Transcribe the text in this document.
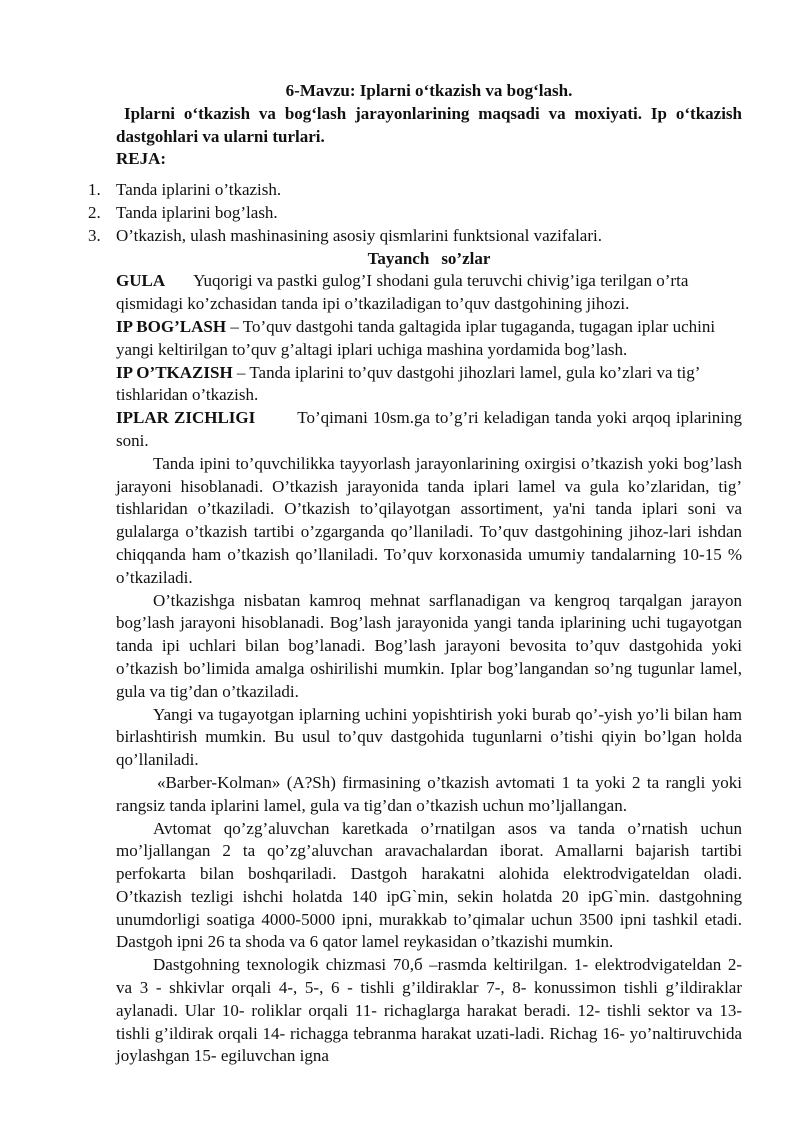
6-Mavzu: Iplarni o‘tkazish va bog‘lash.

Iplarni o‘tkazish va bog‘lash jarayonlarining maqsadi va moxiyati. Ip o‘tkazish dastgohlari va ularni turlari.

REJA:

1. Tanda iplarini o’tkazish.
2. Tanda iplarini bog’lash.
3. O’tkazish, ulash mashinasining asosiy qismlarini funktsional vazifalari.

Tayanch so’zlar

GULA Yuqorigi va pastki gulog’I shodani gula teruvchi chivig’iga terilgan o’rta qismidagi ko’zchasidan tanda ipi o’tkaziladigan to’quv dastgohining jihozi.

IP BOG’LASH – To’quv dastgohi tanda galtagida iplar tugaganda, tugagan iplar uchini yangi keltirilgan to’quv g’altagi iplari uchiga mashina yordamida bog’lash.

IP O’TKAZISH – Tanda iplarini to’quv dastgohi jihozlari lamel, gula ko’zlari va tig’ tishlaridan o’tkazish.

IPLAR ZICHLIGI To’qimani 10sm.ga to’g’ri keladigan tanda yoki arqoq iplarining soni.

Tanda ipini to’quvchilikka tayyorlash jarayonlarining oxirgisi o’tkazish yoki bog’lash jarayoni hisoblanadi. O’tkazish jarayonida tanda iplari lamel va gula ko’zlaridan, tig’ tishlaridan o’tkaziladi. O’tkazish to’qilayotgan assortiment, ya'ni tanda iplari soni va gulalarga o’tkazish tartibi o’zgarganda qo’llaniladi. To’quv dastgohining jihoz-lari ishdan chiqqanda ham o’tkazish qo’llaniladi. To’quv korxonasida umumiy tandalarning 10-15 % o’tkaziladi.

O’tkazishga nisbatan kamroq mehnat sarflanadigan va kengroq tarqalgan jarayon bog’lash jarayoni hisoblanadi. Bog’lash jarayonida yangi tanda iplarining uchi tugayotgan tanda ipi uchlari bilan bog’lanadi. Bog’lash jarayoni bevosita to’quv dastgohida yoki o’tkazish bo’limida amalga oshirilishi mumkin. Iplar bog’langandan so’ng tugunlar lamel, gula va tig’dan o’tkaziladi.

Yangi va tugayotgan iplarning uchini yopishtirish yoki burab qo’-yish yo’li bilan ham birlashtirish mumkin. Bu usul to’quv dastgohida tugunlarni o’tishi qiyin bo’lgan holda qo’llaniladi.

«Barber-Kolman» (A?Sh) firmasining o’tkazish avtomati 1 ta yoki 2 ta rangli yoki rangsiz tanda iplarini lamel, gula va tig’dan o’tkazish uchun mo’ljallangan.

Avtomat qo’zg’aluvchan karetkada o’rnatilgan asos va tanda o’rnatish uchun mo’ljallangan 2 ta qo’zg’aluvchan aravachalardan iborat. Amallarni bajarish tartibi perfokarta bilan boshqariladi. Dastgoh harakatni alohida elektrodvigateldan oladi. O’tkazish tezligi ishchi holatda 140 ipG`min, sekin holatda 20 ipG`min. dastgohning unumdorligi soatiga 4000-5000 ipni, murakkab to’qimalar uchun 3500 ipni tashkil etadi. Dastgoh ipni 26 ta shoda va 6 qator lamel reykasidan o’tkazishi mumkin.

Dastgohning texnologik chizmasi 70,б –rasmda keltirilgan. 1- elektrodvigateldan 2- va 3 - shkivlar orqali 4-, 5-, 6 - tishli g’ildiraklar 7-, 8- konussimon tishli g’ildiraklar aylanadi. Ular 10- roliklar orqali 11- richaglarga harakat beradi. 12- tishli sektor va 13- tishli g’ildirak orqali 14- richagga tebranma harakat uzati-ladi. Richag 16- yo’naltiruvchida joylashgan 15- egiluvchan igna
